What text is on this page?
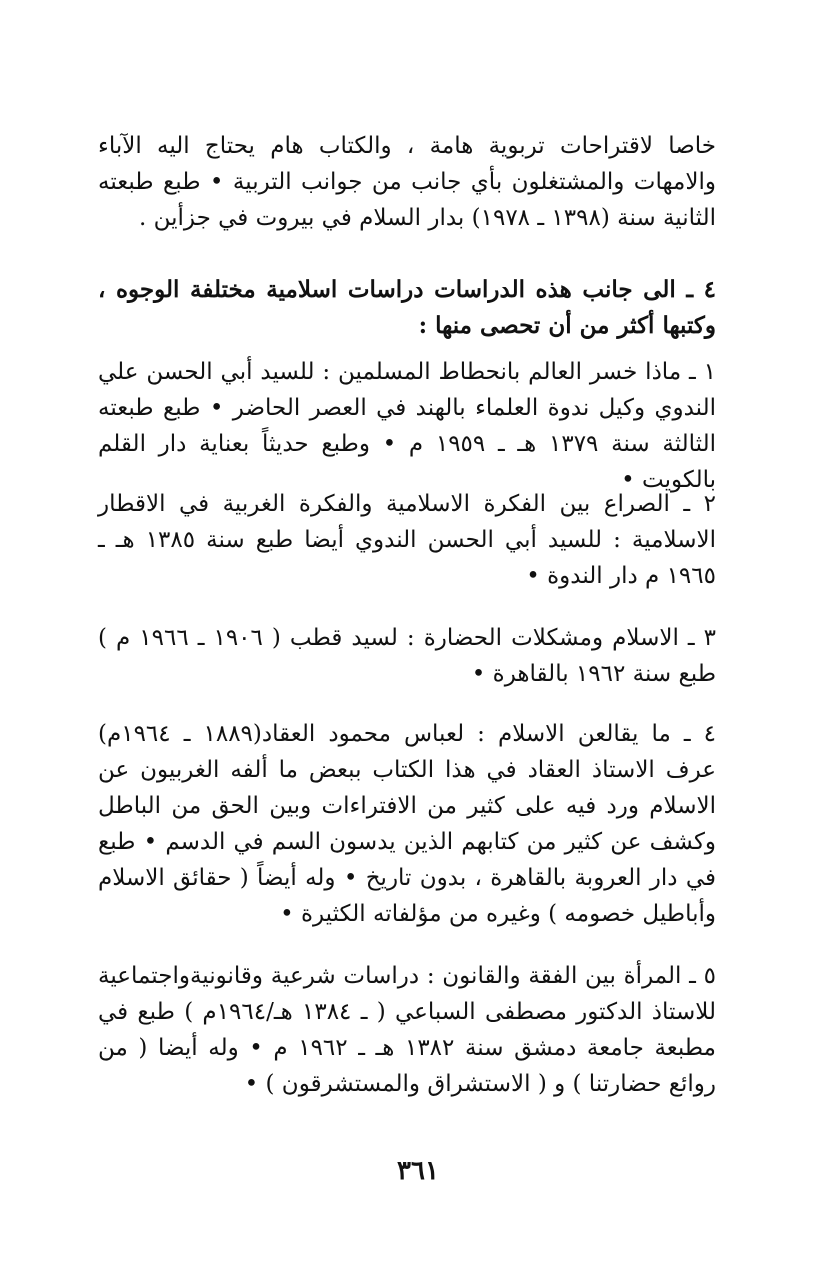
خاصا لاقتراحات تربوية هامة ، والكتاب هام يحتاج اليه الآباء والامهات والمشتغلون بأي جانب من جوانب التربية • طبع طبعته الثانية سنة (١٣٩٨ ـ ١٩٧٨) بدار السلام في بيروت في جزأين .

٤ ـ الى جانب هذه الدراسات دراسات اسلامية مختلفة الوجوه ، وكتبها أكثر من أن تحصى منها :

١ ـ ماذا خسر العالم بانحطاط المسلمين : للسيد أبي الحسن علي الندوي وكيل ندوة العلماء بالهند في العصر الحاضر • طبع طبعته الثالثة سنة ١٣٧٩ هـ ـ ١٩٥٩ م • وطبع حديثاً بعناية دار القلم بالكويت •

٢ ـ الصراع بين الفكرة الاسلامية والفكرة الغربية في الاقطار الاسلامية : للسيد أبي الحسن الندوي أيضا طبع سنة ١٣٨٥ هـ ـ ١٩٦٥ م دار الندوة •

٣ ـ الاسلام ومشكلات الحضارة : لسيد قطب ( ١٩٠٦ ـ ١٩٦٦ م ) طبع سنة ١٩٦٢ بالقاهرة •

٤ ـ ما يقالعن الاسلام : لعباس محمود العقاد(١٨٨٩ ـ ١٩٦٤م) عرف الاستاذ العقاد في هذا الكتاب ببعض ما ألفه الغربيون عن الاسلام ورد فيه على كثير من الافتراءات وبين الحق من الباطل وكشف عن كثير من كتابهم الذين يدسون السم في الدسم • طبع في دار العروبة بالقاهرة ، بدون تاريخ • وله أيضاً ( حقائق الاسلام وأباطيل خصومه ) وغيره من مؤلفاته الكثيرة •

٥ ـ المرأة بين الفقة والقانون : دراسات شرعية وقانونيةواجتماعية للاستاذ الدكتور مصطفى السباعي ( ـ ١٣٨٤ هـ/١٩٦٤م ) طبع في مطبعة جامعة دمشق سنة ١٣٨٢ هـ ـ ١٩٦٢ م • وله أيضا ( من روائع حضارتنا ) و ( الاستشراق والمستشرقون ) •

٣٦١
